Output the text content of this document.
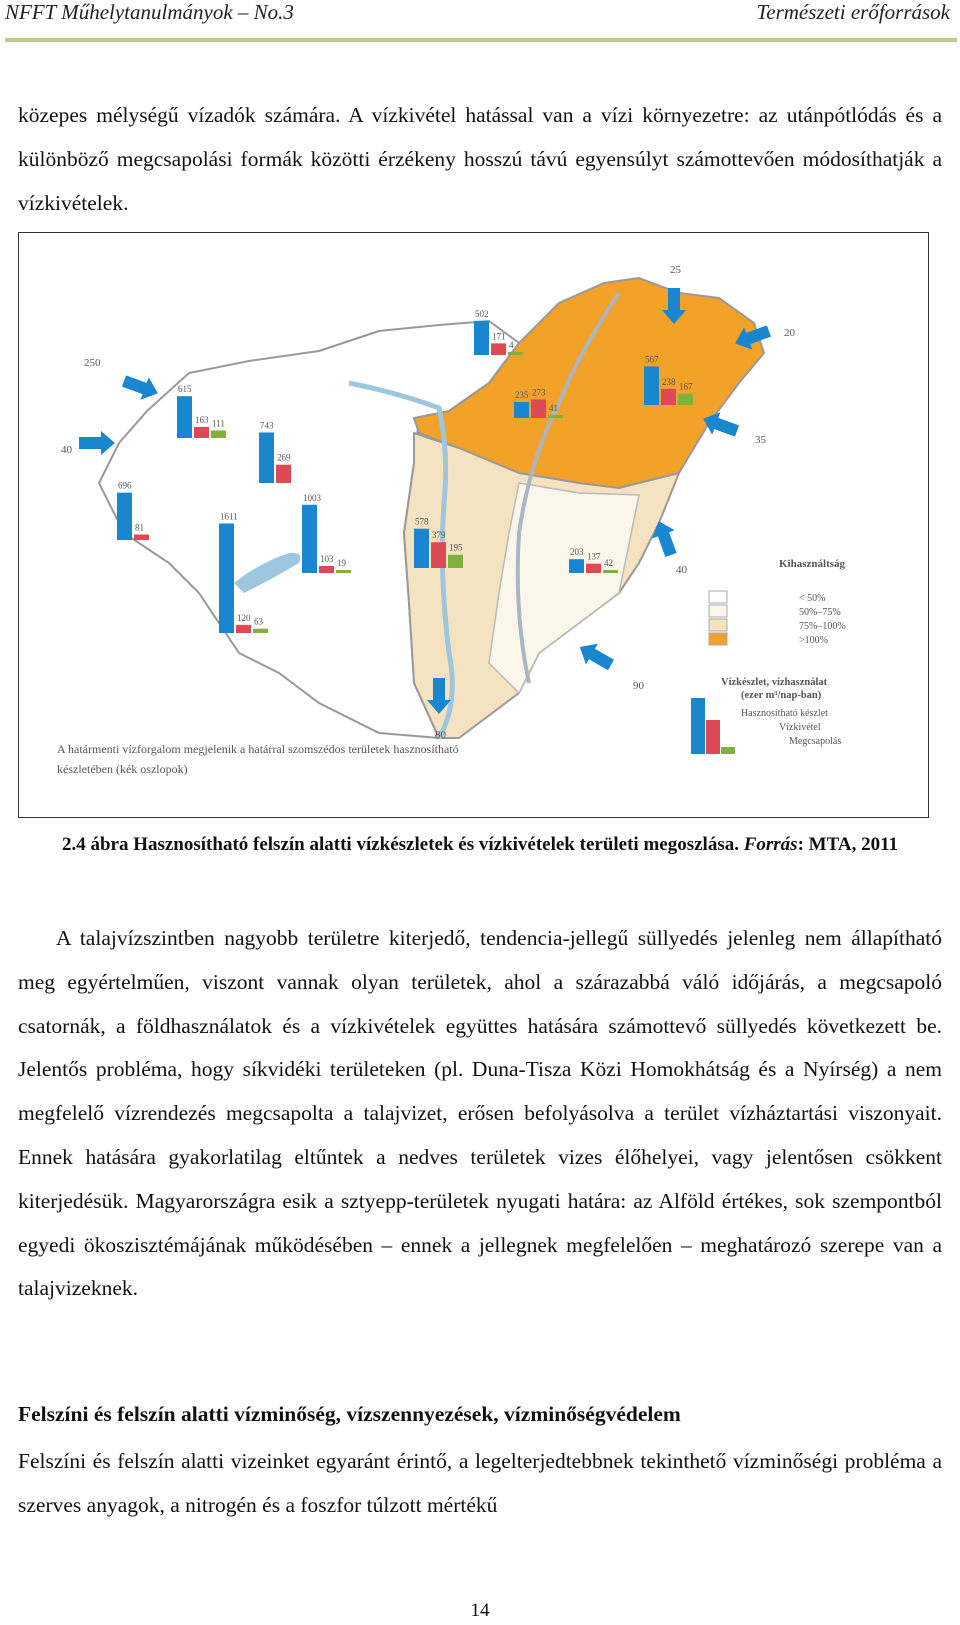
NFFT Műhelytanulmányok – No.3	Természeti erőforrások

közepes mélységű vízadók számára. A vízkivétel hatással van a vízi környezetre: az utánpótlódás és a különböző megcsapolási formák közötti érzékeny hosszú távú egyensúlyt számottevően módosíthatják a vízkivételek.

615
163 111	743
269
696
81
1611
120 63
1003
103 19
502
171
4
235 273
41
567
238 167
578
379
195	203 137
42
250
40
25
20
35
40
90
80
Kihasználtság
< 50%
50%–75%
75%–100%
>100%
Vízkészlet, vízhasználat
(ezer m³/nap-ban)
Hasznosítható készlet
Vízkivétel
Megcsapolás
A határmenti vízforgalom megjelenik a határral szomszédos területek hasznosítható
készletében (kék oszlopok)
2.4 ábra Hasznosítható felszín alatti vízkészletek és vízkivételek területi megoszlása. Forrás: MTA, 2011

A talajvízszintben nagyobb területre kiterjedő, tendencia-jellegű süllyedés jelenleg nem állapítható meg egyértelműen, viszont vannak olyan területek, ahol a szárazabbá váló időjárás, a megcsapoló csatornák, a földhasználatok és a vízkivételek együttes hatására számottevő süllyedés következett be. Jelentős probléma, hogy síkvidéki területeken (pl. Duna-Tisza Közi Homokhátság és a Nyírség) a nem megfelelő vízrendezés megcsapolta a talajvizet, erősen befolyásolva a terület vízháztartási viszonyait. Ennek hatására gyakorlatilag eltűntek a nedves területek vizes élőhelyei, vagy jelentősen csökkent kiterjedésük. Magyarországra esik a sztyepp-területek nyugati határa: az Alföld értékes, sok szempontból egyedi ökoszisztémájának működésében – ennek a jellegnek megfelelően – meghatározó szerepe van a talajvizeknek.

Felszíni és felszín alatti vízminőség, vízszennyezések, vízminőségvédelem

Felszíni és felszín alatti vizeinket egyaránt érintő, a legelterjedtebbnek tekinthető vízminőségi probléma a szerves anyagok, a nitrogén és a foszfor túlzott mértékű

14
